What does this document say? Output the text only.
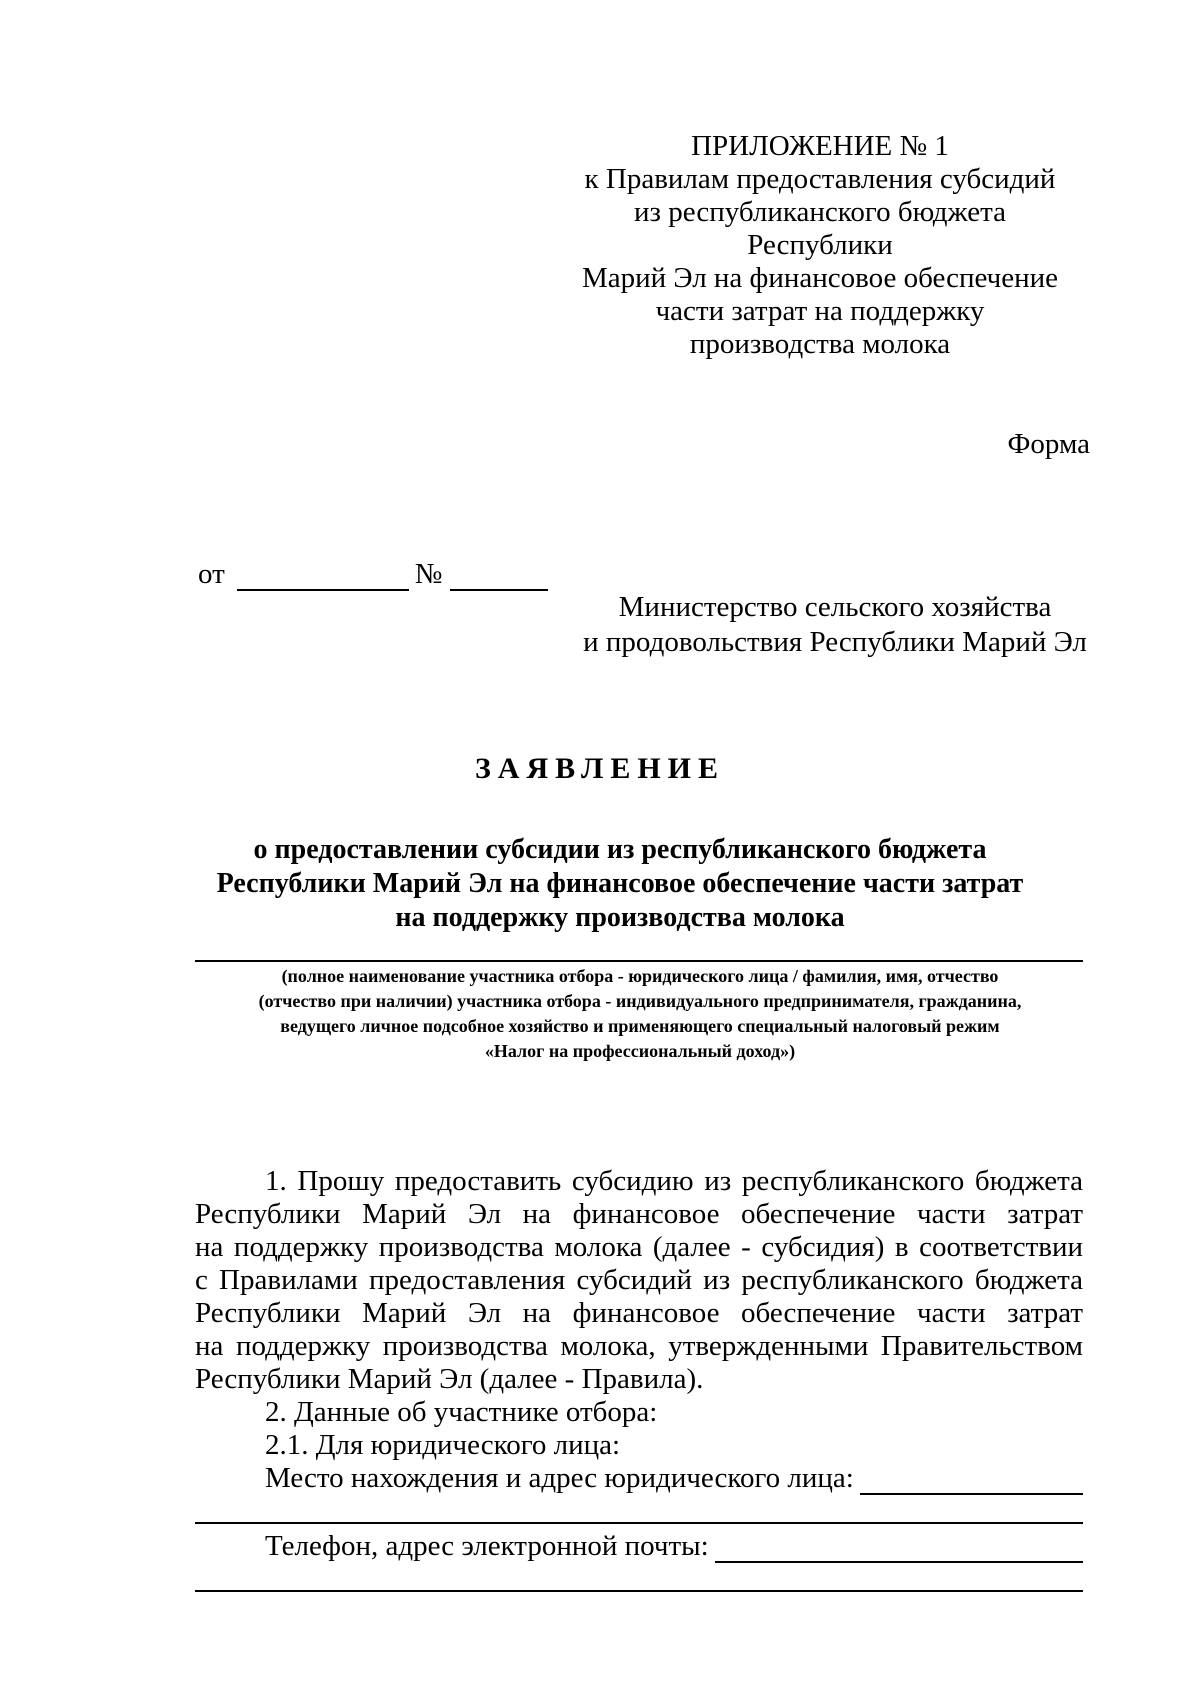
ПРИЛОЖЕНИЕ № 1
к Правилам предоставления субсидий
из республиканского бюджета Республики
Марий Эл на финансовое обеспечение
части затрат на поддержку
производства молока
Форма
от	№
Министерство сельского хозяйства
и продовольствия Республики Марий Эл
ЗАЯВЛЕНИЕ
о предоставлении субсидии из республиканского бюджета
Республики Марий Эл на финансовое обеспечение части затрат
на поддержку производства молока
(полное наименование участника отбора - юридического лица / фамилия, имя, отчество
(отчество при наличии) участника отбора - индивидуального предпринимателя, гражданина,
ведущего личное подсобное хозяйство и применяющего специальный налоговый режим
«Налог на профессиональный доход»)

1. Прошу предоставить субсидию из республиканского бюджета
Республики Марий Эл на финансовое обеспечение части затрат
на поддержку производства молока (далее - субсидия) в соответствии
с Правилами предоставления субсидий из республиканского бюджета
Республики Марий Эл на финансовое обеспечение части затрат
на поддержку производства молока, утвержденными Правительством
Республики Марий Эл (далее - Правила).

2. Данные об участнике отбора:
2.1. Для юридического лица:
Место нахождения и адрес юридического лица:
Телефон, адрес электронной почты:
